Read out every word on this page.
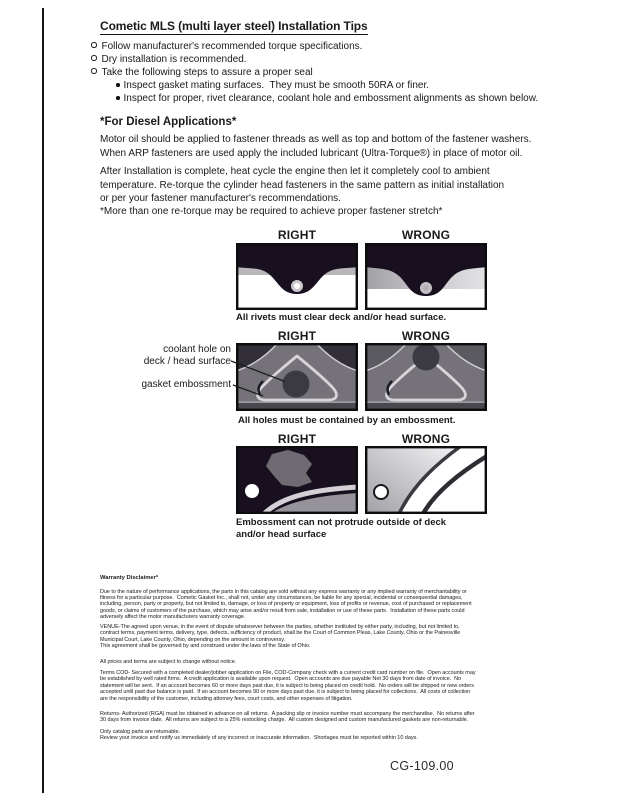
Cometic MLS (multi layer steel) Installation Tips
Follow manufacturer's recommended torque specifications.
Dry installation is recommended.
Take the following steps to assure a proper seal
Inspect gasket mating surfaces.  They must be smooth 50RA or finer.
Inspect for proper, rivet clearance, coolant hole and embossment alignments as shown below.
*For Diesel Applications*
Motor oil should be applied to fastener threads as well as top and bottom of the fastener washers.
When ARP fasteners are used apply the included lubricant (Ultra-Torque®) in place of motor oil.
After Installation is complete, heat cycle the engine then let it completely cool to ambient
temperature. Re-torque the cylinder head fasteners in the same pattern as initial installation
or per your fastener manufacturer's recommendations.
*More than one re-torque may be required to achieve proper fastener stretch*
RIGHT	WRONG
All rivets must clear deck and/or head surface.
RIGHT	WRONG
coolant hole on
deck / head surface
gasket embossment
All holes must be contained by an embossment.
RIGHT	WRONG
Embossment can not protrude outside of deck
and/or head surface
Warranty Disclaimer*
Due to the nature of performance applications, the parts in this catalog are sold without any express warranty or any implied warranty of merchantability or
fitness for a particular purpose.  Cometic Gasket Inc., shall not, under any circumstances, be liable for any special, incidental or consequential damages,
including, person, party or property, but not limited to, damage, or loss of property or equipment, loss of profits or revenue, cost of purchased or replacement
goods, or claims of customers of the purchase, which may arise and/or result from sale, installation or use of these parts.  Installation of these parts could
adversely affect the motor manufacturers warranty coverage.
VENUE-The agreed upon venue, in the event of dispute whatsoever between the parties, whether instituted by either party, including, but not limited to,
contract terms, payment terms, delivery, type, defects, sufficiency of product, shall be the Court of Common Pleas, Lake County, Ohio or the Painesville
Municipal Court, Lake County, Ohio, depending on the amount in controversy.
This agreement shall be governed by and construed under the laws of the State of Ohio.
All prices and terms are subject to change without notice.
Terms COD- Secured with a completed dealer/jobber application on File, COD-Company check with a current credit card number on file.  Open accounts may
be established by well rated firms.  A credit application is available upon request.  Open accounts are due payable Net 30 days from date of invoice.  No
statement will be sent.  If an account becomes 60 or more days past due, it is subject to being placed on credit hold.  No orders will be shipped or new orders
accepted until past due balance is paid.  If an account becomes 90 or more days past due, it is subject to being placed for collections.  All costs of collection
are the responsibility of the customer, including attorney fees, court costs, and other expenses of litigation.
Returns- Authorized (RGA) must be obtained in advance on all returns.  A packing slip or invoice number must accompany the merchandise.  No returns after
30 days from invoice date.  All returns are subject to a 25% restocking charge.  All custom designed and custom manufactured gaskets are non-returnable.
Only catalog parts are returnable.
Review your invoice and notify us immediately of any incorrect or inaccurate information.  Shortages must be reported within 10 days.
CG-109.00
